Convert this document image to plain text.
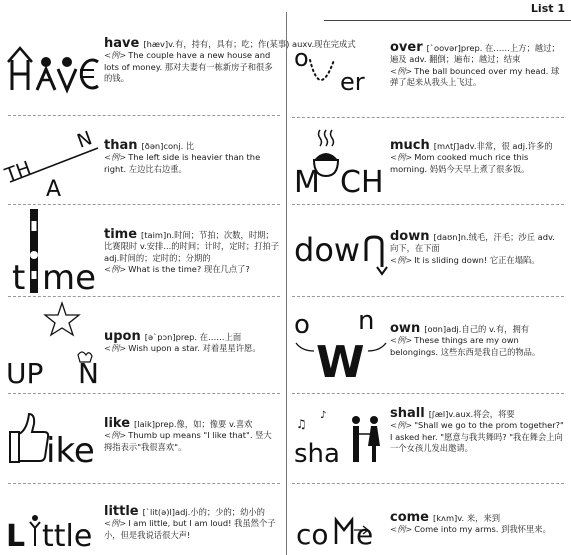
List 1
have [hæv]v.有，持有，具有；吃；作(某事) auxv.现在完成式
<例> The couple have a new house and lots of money. 那对夫妻有一栋新房子和很多的钱。
TH
A
N than [ðən]conj. 比
<例> The left side is heavier than the right. 左边比右边重。
t me
time [taim]n.时间；节拍；次数，时期；比赛限时 v.安排...的时间；计时，定时；打拍子 adj.时间的；定时的；分期的
<例> What is the time? 现在几点了?
UP N
upon [ə`pɔn]prep. 在……上面
<例> Wish upon a star. 对着星星许愿。
ike
like [laik]prep.像，如；像要 v.喜欢
<例> Thumb up means "I like that". 竖大拇指表示"我很喜欢"。
L ttle
little [`lit(ə)l]adj.小的；少的；幼小的
<例> I am little, but I am loud! 我虽然个子小，但是我说话很大声!
o
er
over [`oovər]prep. 在……上方；越过；遍及 adv. 翻倒；遍布；越过；结束
<例> The ball bounced over my head. 球弹了起来从我头上飞过。
M CH
much [mʌtʃ]adv.非常，很 adj.许多的
<例> Mom cooked much rice this morning. 妈妈今天早上煮了很多饭。
dow down [daʊn]n.绒毛，汗毛；沙丘 adv. 向下，在下面
<例> It is sliding down! 它正在塌陷。
o n
W
own [oʊn]adj.自己的 v.有，拥有
<例> These things are my own belongings. 这些东西是我自己的物品。
♫
♪
sha
shall [ʃæl]v.aux.将会，将要
<例> "Shall we go to the prom together?" I asked her. "愿意与我共舞吗? "我在舞会上向一个女孩儿发出邀请。
co e
come [kʌm]v. 来，来到
<例> Come into my arms. 到我怀里来。
